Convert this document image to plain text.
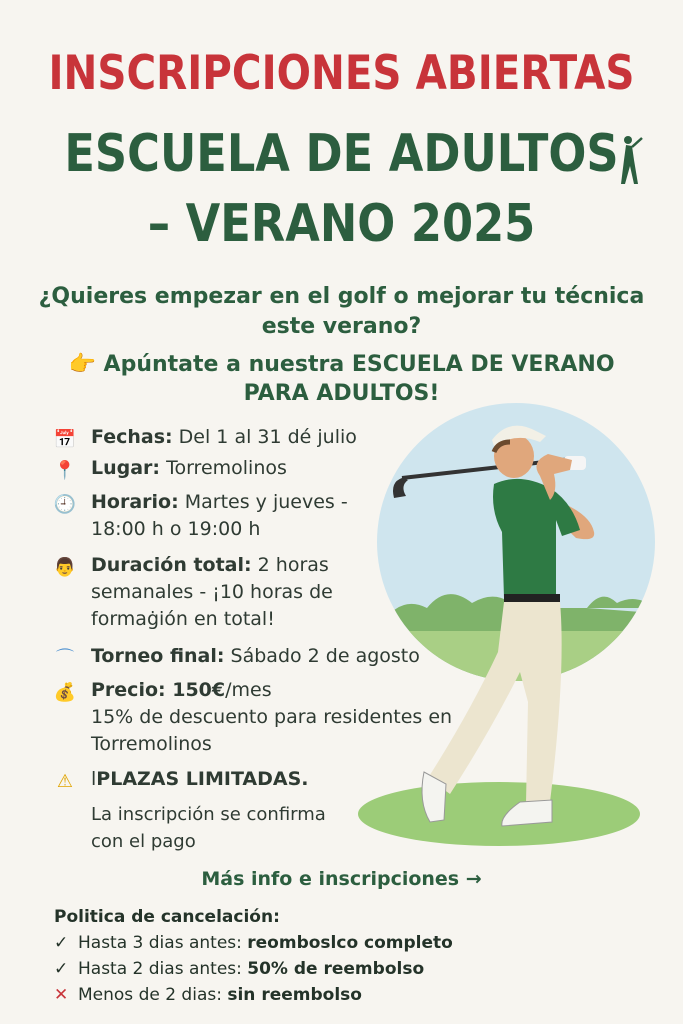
INSCRIPCIONES ABIERTAS
ESCUELA DE ADULTOS
– VERANO 2025
¿Quieres empezar en el golf o mejorar tu técnica este verano?
👉 Apúntate a nuestra ESCUELA DE VERANO PARA ADULTOS!
📅 Fechas: Del 1 al 31 dé julio
📍 Lugar: Torremolinos
🕘 Horario: Martes y jueves - 18:00 h o 19:00 h
👨 Duración total: 2 horas semanales - ¡10 horas de formaġión en total!
⌒ Torneo final: Sábado 2 de agosto
💰 Precio: 150€/mes
15% de descuento para residentes en Torremolinos
⚠ lPLAZAS LIMITADAS.
La inscripción se confirma con el pago
Más info e inscripciones →
Politica de cancelación:
✓ Hasta 3 dias antes: reomboslco completo
✓ Hasta 2 dias antes: 50% de reembolso
✕ Menos de 2 dias: sin reembolso
